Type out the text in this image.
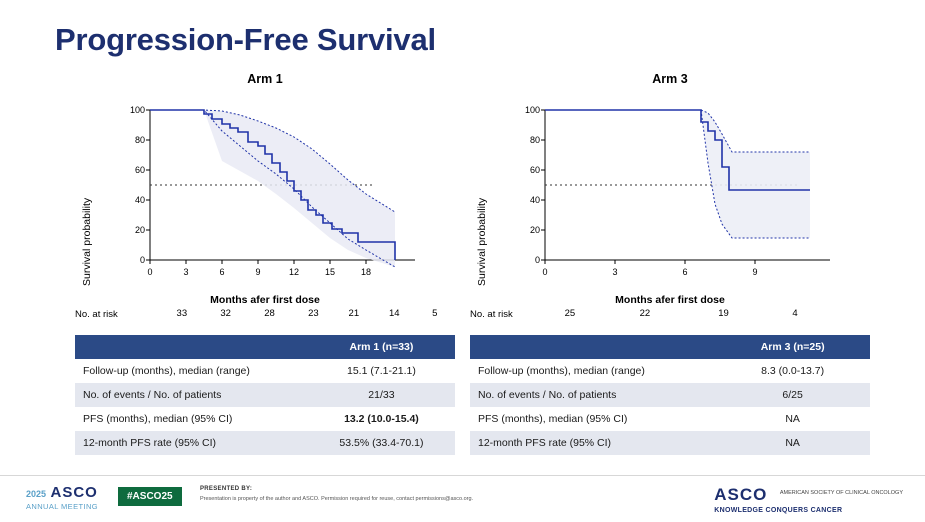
Progression-Free Survival
Arm 1
Survival probability
100
80
60
40
20
0
0	3	6	9	12	15	18
Months afer first dose
No. at risk	33	32	28	23	21	14	5
	Arm 1 (n=33)
Follow-up (months), median (range)	15.1 (7.1-21.1)
No. of events / No. of patients	21/33
PFS (months), median (95% CI)	13.2 (10.0-15.4)
12-month PFS rate (95% CI)	53.5% (33.4-70.1)
Arm 3
Survival probability
100
80
60
40
20
0
0	3	6	9
Months afer first dose
No. at risk	25	22	19	4
	Arm 3 (n=25)
Follow-up (months), median (range)	8.3 (0.0-13.7)
No. of events / No. of patients	6/25
PFS (months), median (95% CI)	NA
12-month PFS rate (95% CI)	NA
2025 ASCO
ANNUAL MEETING
#ASCO25
PRESENTED BY:
Presentation is property of the author and ASCO. Permission required for reuse, contact permissions@asco.org.	ASCO AMERICAN SOCIETY OF CLINICAL ONCOLOGY
KNOWLEDGE CONQUERS CANCER
